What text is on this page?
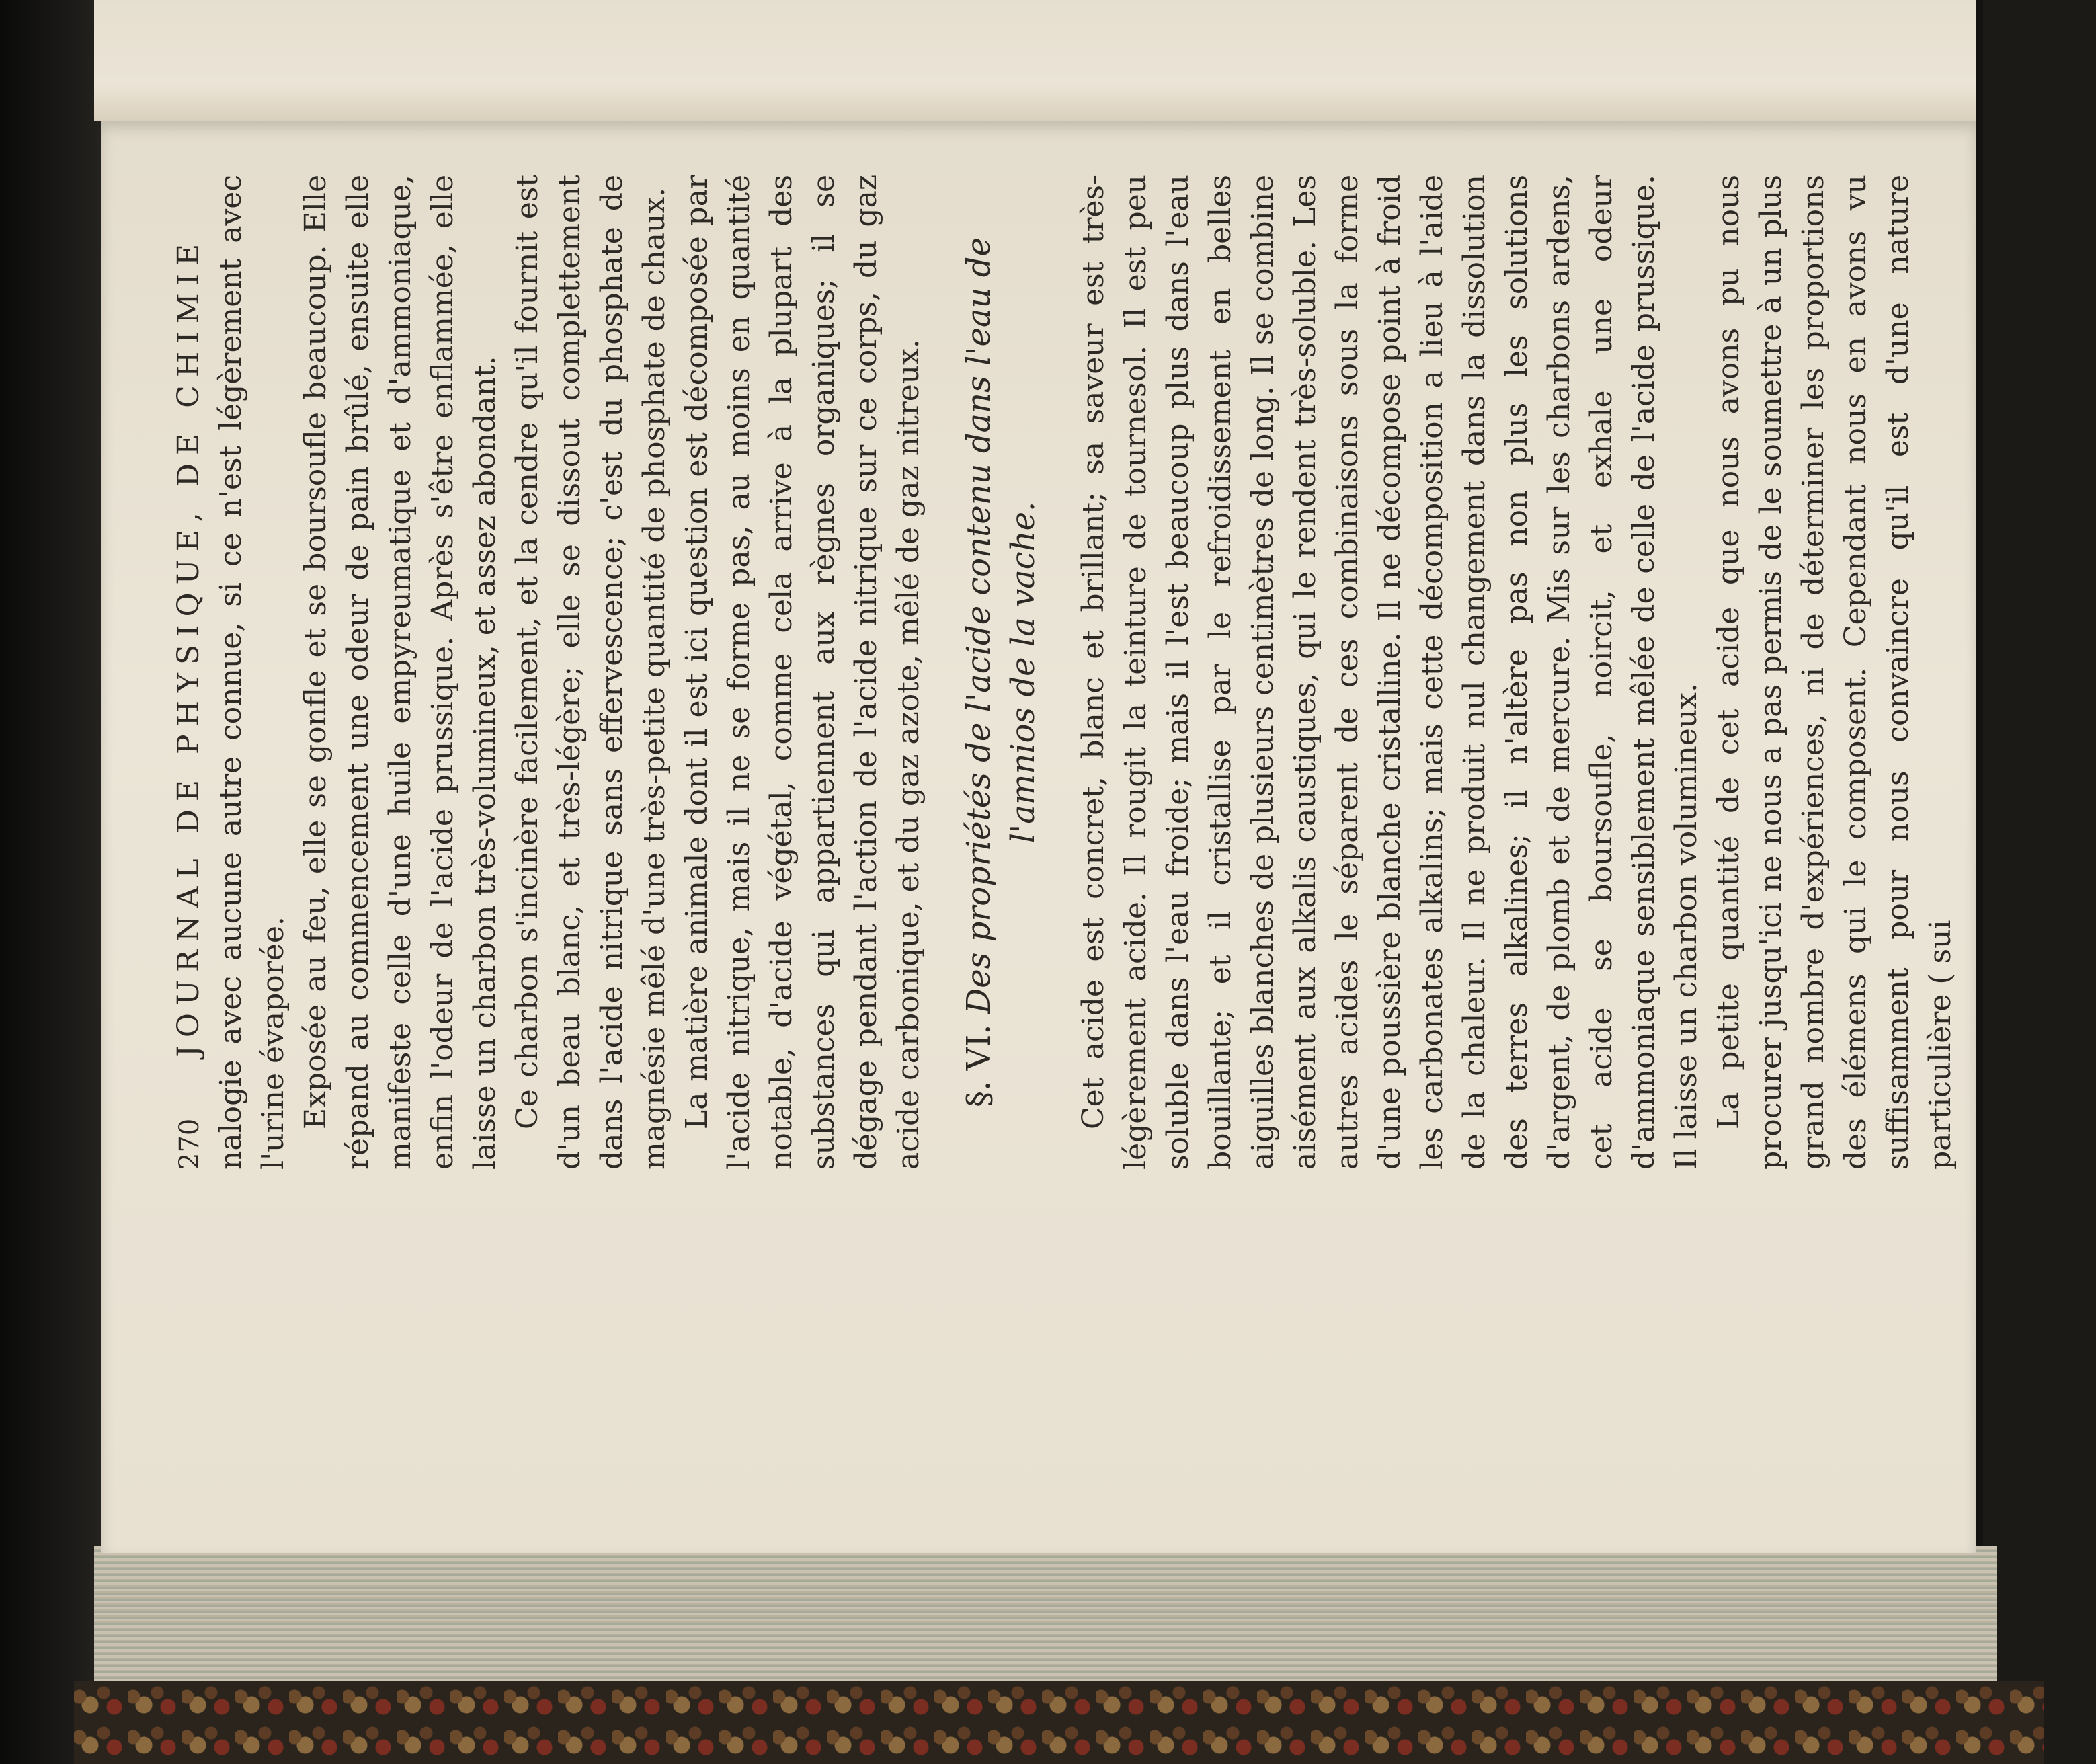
270
JOURNAL DE PHYSIQUE, DE CHIMIE nalogie avec aucune autre connue, si ce n'est légèrement avec l'urine évaporée. Exposée au feu, elle se gonfle et se boursoufle beaucoup. Elle répand au commencement une odeur de pain brûlé, ensuite elle manifeste celle d'une huile empyreumatique et d'ammoniaque, enfin l'odeur de l'acide prussique. Après s'être enflammée, elle laisse un charbon très-volumineux, et assez abondant. Ce charbon s'incinère facilement, et la cendre qu'il fournit est d'un beau blanc, et très-légère; elle se dissout complettement dans l'acide nitrique sans effervescence; c'est du phosphate de magnésie mêlé d'une très-petite quantité de phosphate de chaux. La matière animale dont il est ici question est décomposée par l'acide nitrique, mais il ne se forme pas, au moins en quantité notable, d'acide végétal, comme cela arrive à la plupart des substances qui appartiennent aux règnes organiques; il se dégage pendant l'action de l'acide nitrique sur ce corps, du gaz acide carbonique, et du gaz azote, mêlé de gaz nitreux. §. VI. Des propriétés de l'acide contenu dans l'eau de l'amnios de la vache. Cet acide est concret, blanc et brillant; sa saveur est très-légèrement acide. Il rougit la teinture de tournesol. Il est peu soluble dans l'eau froide; mais il l'est beaucoup plus dans l'eau bouillante; et il cristallise par le refroidissement en belles aiguilles blanches de plusieurs centimètres de long. Il se combine aisément aux alkalis caustiques, qui le rendent très-soluble. Les autres acides le séparent de ces combinaisons sous la forme d'une poussière blanche cristalline. Il ne décompose point à froid les carbonates alkalins; mais cette décomposition a lieu à l'aide de la chaleur. Il ne produit nul changement dans la dissolution des terres alkalines; il n'altère pas non plus les solutions d'argent, de plomb et de mercure. Mis sur les charbons ardens, cet acide se boursoufle, noircit, et exhale une odeur d'ammoniaque sensiblement mêlée de celle de l'acide prussique. Il laisse un charbon volumineux. La petite quantité de cet acide que nous avons pu nous procurer jusqu'ici ne nous a pas permis de le soumettre à un plus grand nombre d'expériences, ni de déterminer les proportions des élémens qui le composent. Cependant nous en avons vu suffisamment pour nous convaincre qu'il est d'une nature particulière ( sui
